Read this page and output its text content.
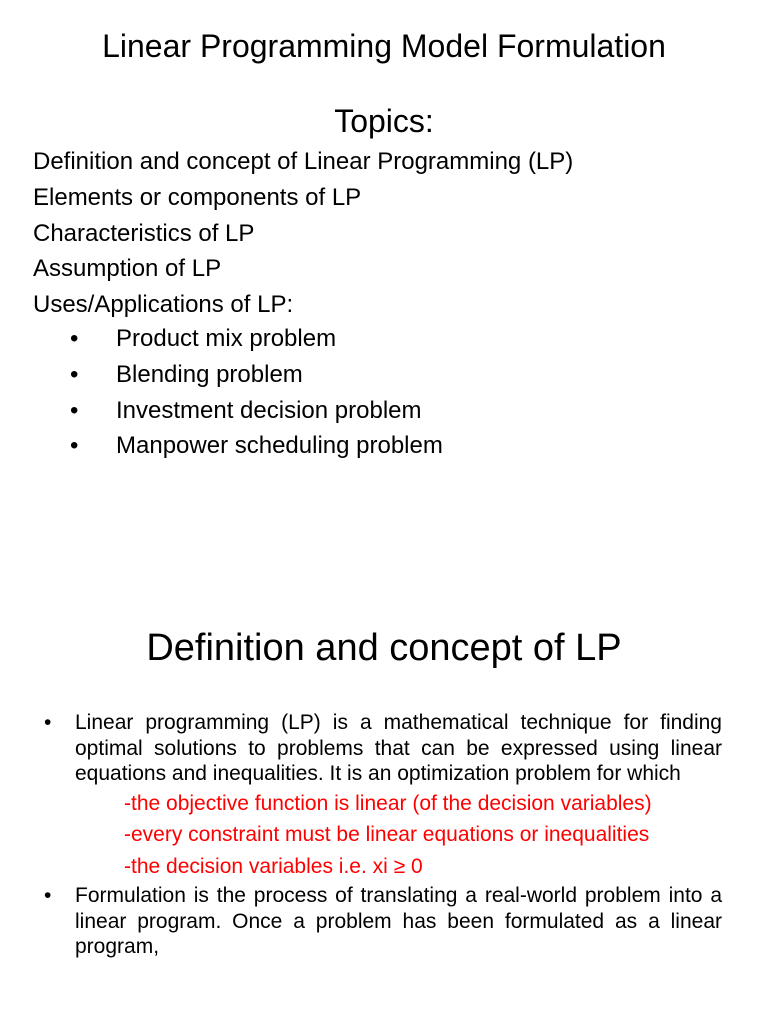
Linear Programming Model Formulation
Topics:
Definition and concept of Linear Programming (LP)
Elements or components of LP
Characteristics of LP
Assumption of LP
Uses/Applications of LP:
• Product mix problem
• Blending problem
• Investment decision problem
• Manpower scheduling problem
Definition and concept of LP
• Linear programming (LP) is a mathematical technique for finding optimal solutions to problems that can be expressed using linear equations and inequalities. It is an optimization problem for which
-the objective function is linear (of the decision variables)
-every constraint must be linear equations or inequalities
-the decision variables i.e. xi ≥ 0
• Formulation is the process of translating a real-world problem into a linear program. Once a problem has been formulated as a linear program,
